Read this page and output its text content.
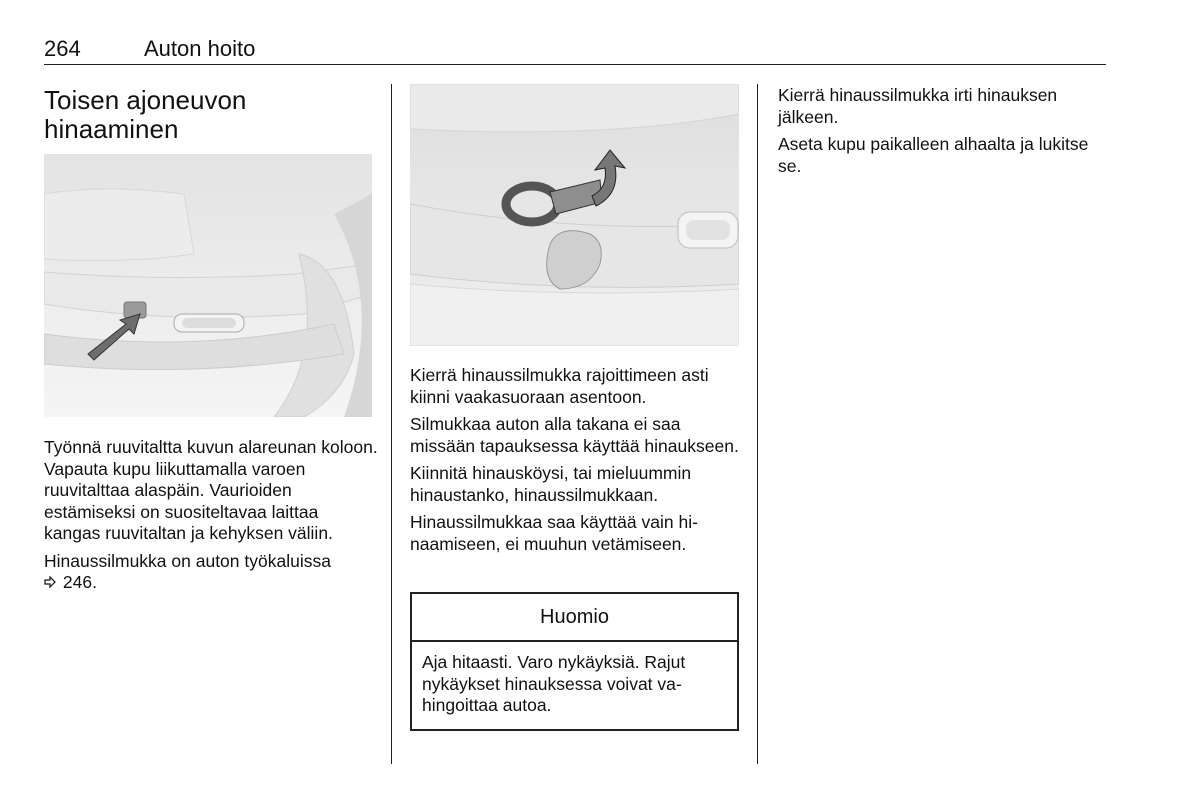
264	Auton hoito
Toisen ajoneuvon hinaaminen

Työnnä ruuvitaltta kuvun alareunan koloon. Vapauta kupu liikuttamalla varoen ruuvitalttaa alaspäin. Vaurioiden estämiseksi on suositeltavaa laittaa kangas ruuvitaltan ja kehyksen väliin.

Hinaussilmukka on auton työkaluissa
246.

Kierrä hinaussilmukka rajoittimeen asti kiinni vaakasuoraan asentoon.

Silmukkaa auton alla takana ei saa missään tapauksessa käyttää hinaukseen.

Kiinnitä hinausköysi, tai mieluummin hinaustanko, hinaussilmukkaan.

Hinaussilmukkaa saa käyttää vain hinaamiseen, ei muuhun vetämiseen.

Huomio
Aja hitaasti. Varo nykäyksiä. Rajut nykäykset hinauksessa voivat vahingoittaa autoa.

Kierrä hinaussilmukka irti hinauksen jälkeen.

Aseta kupu paikalleen alhaalta ja lukitse se.
